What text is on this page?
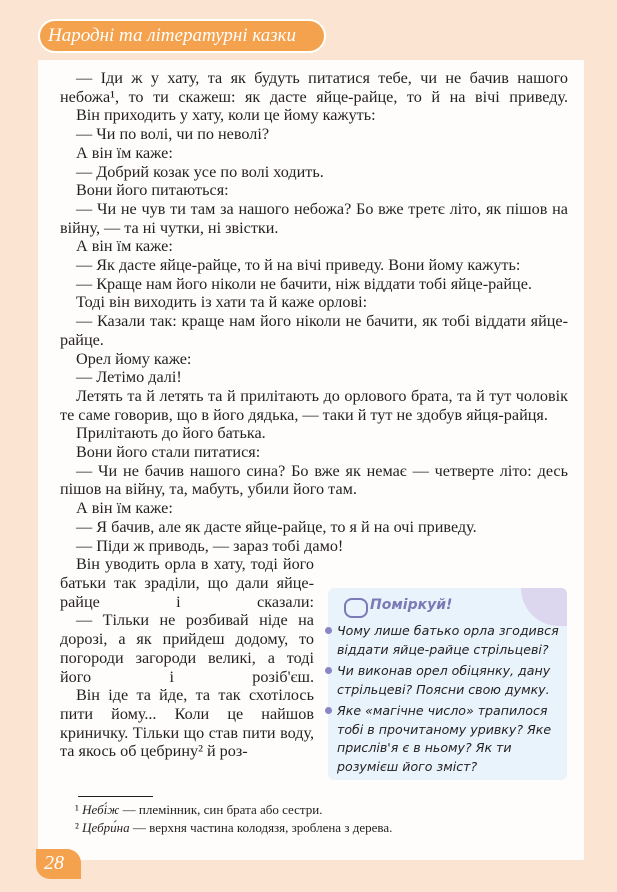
Народні та літературні казки

— Іди ж у хату, та як будуть питатися тебе, чи не бачив нашого небожа¹, то ти скажеш: як дасте яйце-райце, то й на вічі приведу.

Він приходить у хату, коли це йому кажуть:

— Чи по волі, чи по неволі?

А він їм каже:

— Добрий козак усе по волі ходить.

Вони його питаються:

— Чи не чув ти там за нашого небожа? Бо вже третє літо, як пішов на війну, — та ні чутки, ні звістки.

А він їм каже:

— Як дасте яйце-райце, то й на вічі приведу. Вони йому кажуть:

— Краще нам його ніколи не бачити, ніж віддати тобі яйце-райце.

Тоді він виходить із хати та й каже орлові:

— Казали так: краще нам його ніколи не бачити, як тобі віддати яйце-райце.

Орел йому каже:

— Летімо далі!

Летять та й летять та й прилітають до орлового брата, та й тут чоловік те саме говорив, що в його дядька, — таки й тут не здобув яйця-райця.

Прилітають до його батька.

Вони його стали питатися:

— Чи не бачив нашого сина? Бо вже як немає — четверте літо: десь пішов на війну, та, мабуть, убили його там.

А він їм каже:

— Я бачив, але як дасте яйце-райце, то я й на очі приведу.

— Піди ж приводь, — зараз тобі дамо!

Він уводить орла в хату, тоді його батьки так зраділи, що дали яйце-райце і сказали:

— Тільки не розбивай ніде на дорозі, а як прийдеш додому, то погороди загороди великі, а тоді його і розіб'єш.

Він іде та йде, та так схотілось пити йому... Коли це найшов криничку. Тільки що став пити воду, та якось об цебрину² й роз-

Поміркуй!
Чому лише батько орла згодився віддати яйце-райце стрільцеві?
Чи виконав орел обіцянку, дану стрільцеві? Поясни свою думку.
Яке «магічне число» трапилося тобі в прочитаному уривку? Яке прислів'я є в ньому? Як ти розумієш його зміст?

¹ Небі́ж — племінник, син брата або сестри.

² Цебри́на — верхня частина колодязя, зроблена з дерева.

28
